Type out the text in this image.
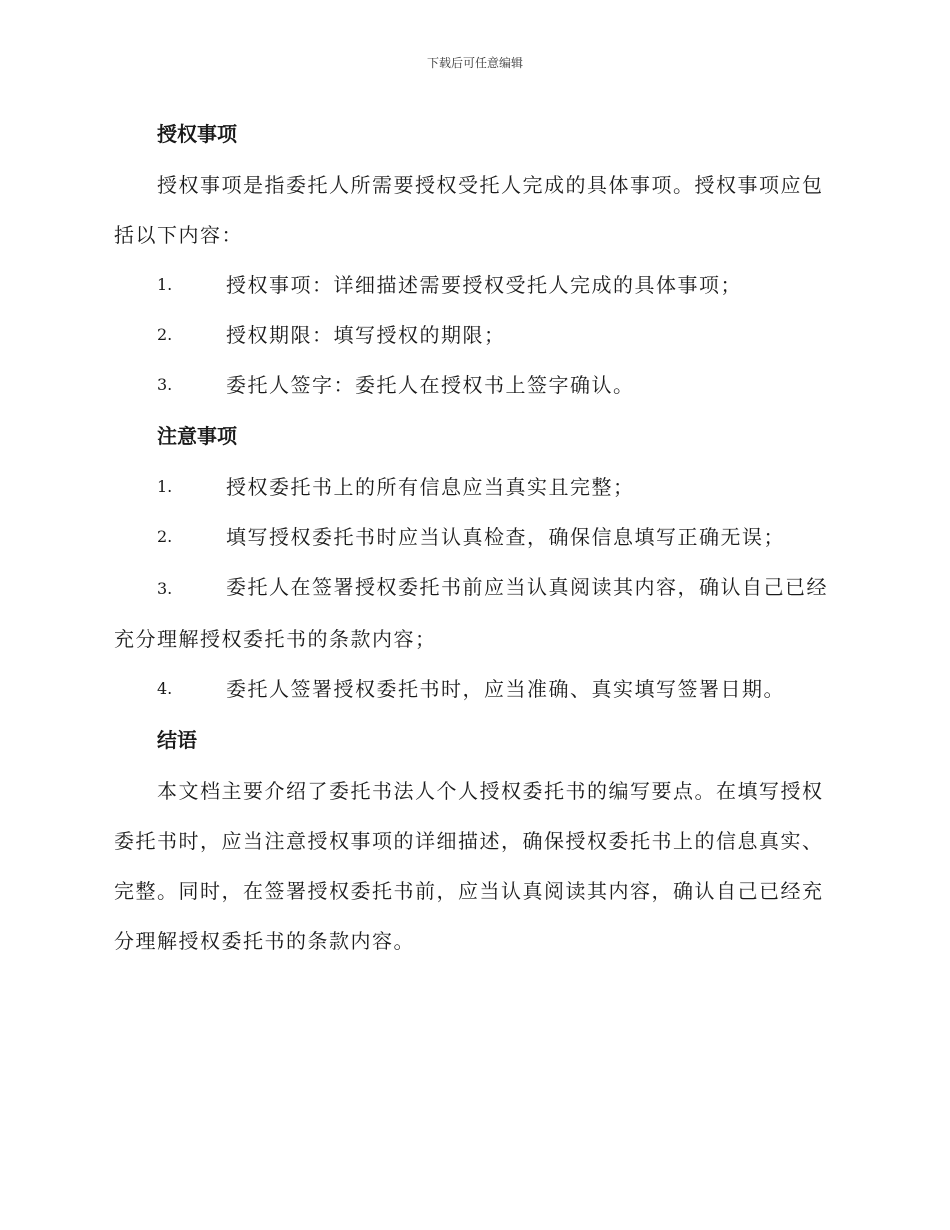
下载后可任意编辑
授权事项

授权事项是指委托人所需要授权受托人完成的具体事项。授权事项应包括以下内容：

1.	授权事项：详细描述需要授权受托人完成的具体事项；
2.	授权期限：填写授权的期限；
3.	委托人签字：委托人在授权书上签字确认。
注意事项
1.	授权委托书上的所有信息应当真实且完整；
2.	填写授权委托书时应当认真检查，确保信息填写正确无误；

3.	委托人在签署授权委托书前应当认真阅读其内容，确认自己已经充分理解授权委托书的条款内容；

4.	委托人签署授权委托书时，应当准确、真实填写签署日期。
结语

本文档主要介绍了委托书法人个人授权委托书的编写要点。在填写授权委托书时，应当注意授权事项的详细描述，确保授权委托书上的信息真实、完整。同时，在签署授权委托书前，应当认真阅读其内容，确认自己已经充分理解授权委托书的条款内容。
